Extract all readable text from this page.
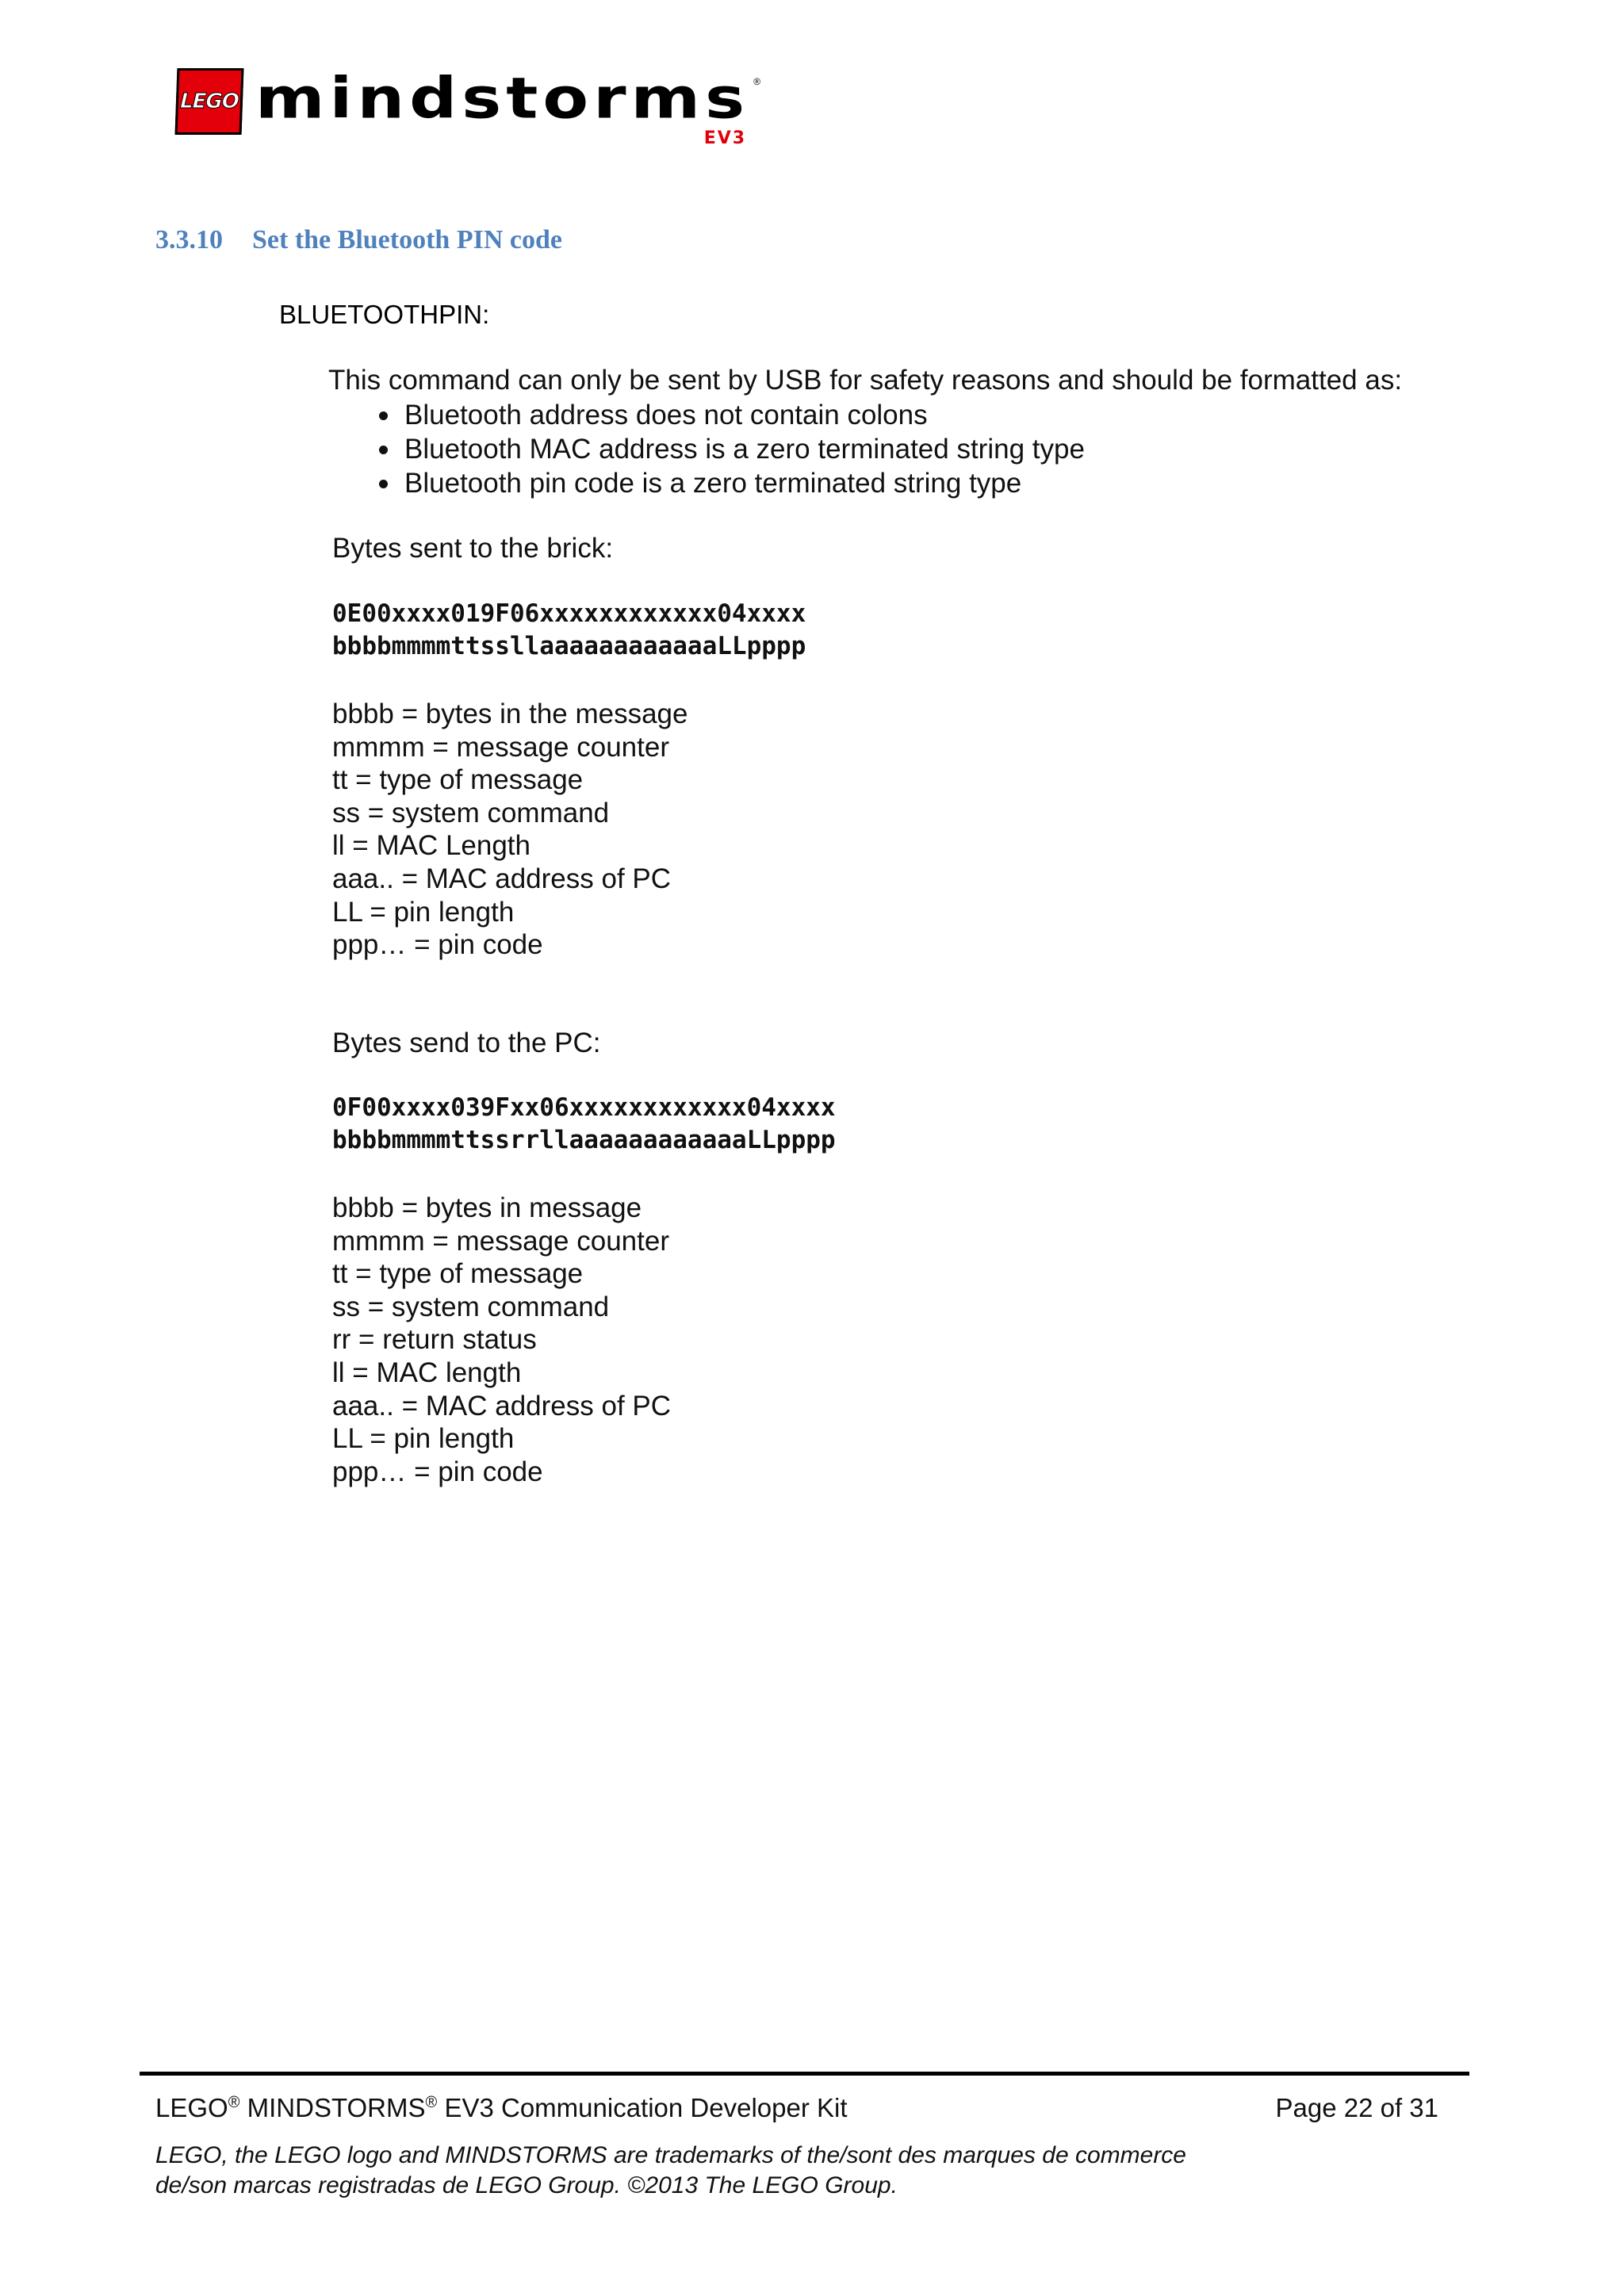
LEGO mindstorms ®
EV3
3.3.10 Set the Bluetooth PIN code
BLUETOOTHPIN:
This command can only be sent by USB for safety reasons and should be formatted as:
Bluetooth address does not contain colons
Bluetooth MAC address is a zero terminated string type
Bluetooth pin code is a zero terminated string type
Bytes sent to the brick:
0E00xxxx019F06xxxxxxxxxxxx04xxxx
bbbbmmmmttssllaaaaaaaaaaaaLLpppp
bbbb = bytes in the message
mmmm = message counter
tt = type of message
ss = system command
ll = MAC Length
aaa.. = MAC address of PC
LL = pin length
ppp… = pin code
Bytes send to the PC:
0F00xxxx039Fxx06xxxxxxxxxxxx04xxxx
bbbbmmmmttssrrllaaaaaaaaaaaaLLpppp
bbbb = bytes in message
mmmm = message counter
tt = type of message
ss = system command
rr = return status
ll = MAC length
aaa.. = MAC address of PC
LL = pin length
ppp… = pin code
LEGO® MINDSTORMS® EV3 Communication Developer Kit	Page 22 of 31
LEGO, the LEGO logo and MINDSTORMS are trademarks of the/sont des marques de commerce de/son marcas registradas de LEGO Group. ©2013 The LEGO Group.
